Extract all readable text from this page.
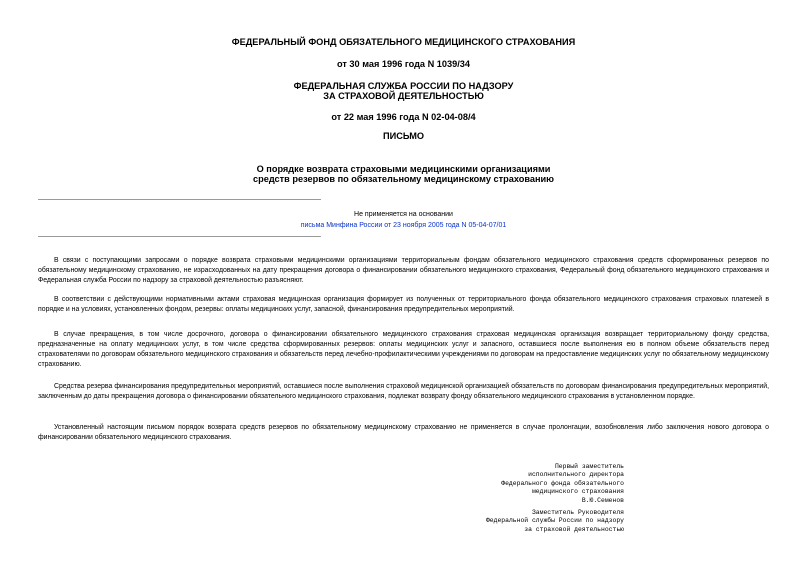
ФЕДЕРАЛЬНЫЙ ФОНД ОБЯЗАТЕЛЬНОГО МЕДИЦИНСКОГО СТРАХОВАНИЯ

от 30 мая 1996 года N 1039/34

ФЕДЕРАЛЬНАЯ СЛУЖБА РОССИИ ПО НАДЗОРУ

ЗА СТРАХОВОЙ ДЕЯТЕЛЬНОСТЬЮ

от 22 мая 1996 года N 02-04-08/4

ПИСЬМО

О порядке возврата страховыми медицинскими организациями

средств резервов по обязательному медицинскому страхованию

Не применяется на основании

письма Минфина России от 23 ноября 2005 года N 05-04-07/01

В связи с поступающими запросами о порядке возврата страховыми медицинскими организациями территориальным фондам обязательного медицинского страхования средств сформированных резервов по обязательному медицинскому страхованию, не израсходованных на дату прекращения договора о финансировании обязательного медицинского страхования, Федеральный фонд обязательного медицинского страхования и Федеральная служба России по надзору за страховой деятельностью разъясняют.

В соответствии с действующими нормативными актами страховая медицинская организация формирует из полученных от территориального фонда обязательного медицинского страхования страховых платежей в порядке и на условиях, установленных фондом, резервы: оплаты медицинских услуг, запасной, финансирования предупредительных мероприятий.

В случае прекращения, в том числе досрочного, договора о финансировании обязательного медицинского страхования страховая медицинская организация возвращает территориальному фонду средства, предназначенные на оплату медицинских услуг, в том числе средства сформированных резервов: оплаты медицинских услуг и запасного, оставшиеся после выполнения ею в полном объеме обязательств перед страхователями по договорам обязательного медицинского страхования и обязательств перед лечебно-профилактическими учреждениями по договорам на предоставление медицинских услуг по обязательному медицинскому страхованию.

Средства резерва финансирования предупредительных мероприятий, оставшиеся после выполнения страховой медицинской организацией обязательств по договорам финансирования предупредительных мероприятий, заключенным до даты прекращения договора о финансировании обязательного медицинского страхования, подлежат возврату фонду обязательного медицинского страхования в установленном порядке.

Установленный настоящим письмом порядок возврата средств резервов по обязательному медицинскому страхованию не применяется в случае пролонгации, возобновления либо заключения нового договора о финансировании обязательного медицинского страхования.

Первый заместитель
исполнительного директора
Федерального фонда обязательного
медицинского страхования
В.Ю.Семенов

Заместитель Руководителя
Федеральной службы России по надзору
за страховой деятельностью
